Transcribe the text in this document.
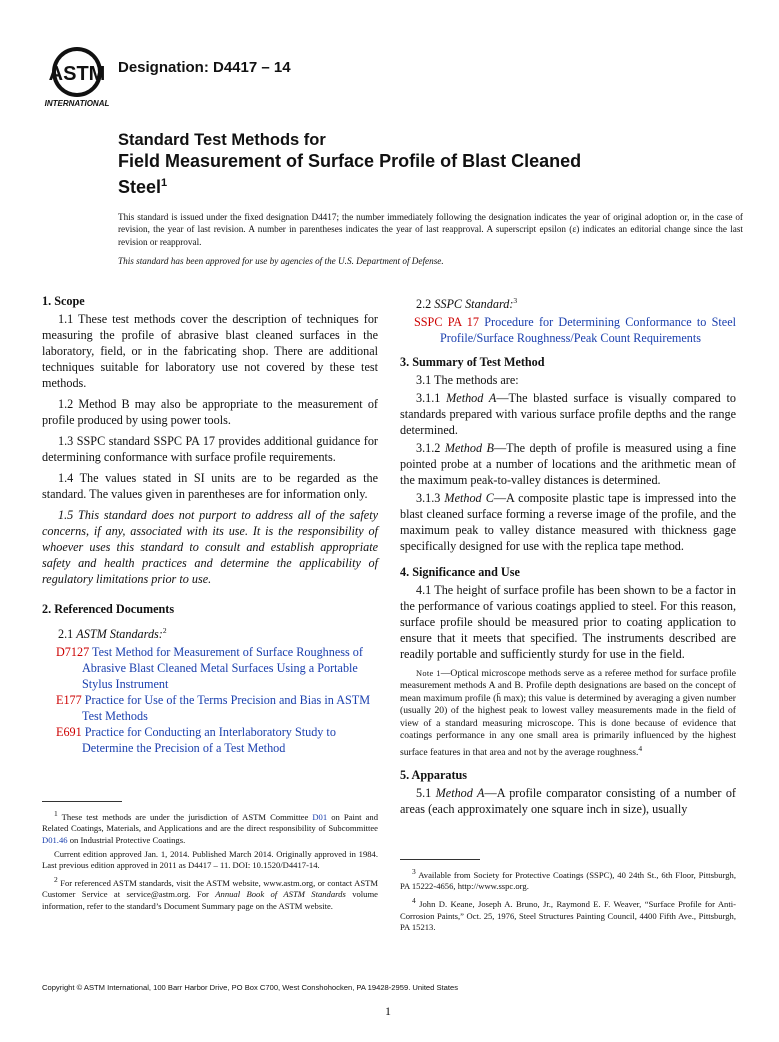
ASTM
INTERNATIONAL
Designation: D4417 – 14
Standard Test Methods for
Field Measurement of Surface Profile of Blast Cleaned
Steel$^1$

This standard is issued under the fixed designation D4417; the number immediately following the designation indicates the year of original adoption or, in the case of revision, the year of last revision. A number in parentheses indicates the year of last reapproval. A superscript epsilon (ε) indicates an editorial change since the last revision or reapproval.

This standard has been approved for use by agencies of the U.S. Department of Defense.
1. Scope

1.1 These test methods cover the description of techniques for measuring the profile of abrasive blast cleaned surfaces in the laboratory, field, or in the fabricating shop. There are additional techniques suitable for laboratory use not covered by these test methods.

1.2 Method B may also be appropriate to the measurement of profile produced by using power tools.

1.3 SSPC standard SSPC PA 17 provides additional guidance for determining conformance with surface profile requirements.

1.4 The values stated in SI units are to be regarded as the standard. The values given in parentheses are for information only.

1.5 This standard does not purport to address all of the safety concerns, if any, associated with its use. It is the responsibility of whoever uses this standard to consult and establish appropriate safety and health practices and determine the applicability of regulatory limitations prior to use.

2. Referenced Documents

2.1 ASTM Standards:$^2$

D7127 Test Method for Measurement of Surface Roughness of Abrasive Blast Cleaned Metal Surfaces Using a Portable Stylus Instrument
E177 Practice for Use of the Terms Precision and Bias in ASTM Test Methods
E691 Practice for Conducting an Interlaboratory Study to Determine the Precision of a Test Method

2.2 SSPC Standard:$^3$

SSPC PA 17 Procedure for Determining Conformance to Steel Profile/Surface Roughness/Peak Count Requirements
3. Summary of Test Method

3.1 The methods are:

3.1.1 Method A—The blasted surface is visually compared to standards prepared with various surface profile depths and the range determined.

3.1.2 Method B—The depth of profile is measured using a fine pointed probe at a number of locations and the arithmetic mean of the maximum peak-to-valley distances is determined.

3.1.3 Method C—A composite plastic tape is impressed into the blast cleaned surface forming a reverse image of the profile, and the maximum peak to valley distance measured with thickness gage specifically designed for use with the replica tape method.

4. Significance and Use

4.1 The height of surface profile has been shown to be a factor in the performance of various coatings applied to steel. For this reason, surface profile should be measured prior to coating application to ensure that it meets that specified. The instruments described are readily portable and sufficiently sturdy for use in the field.

Note 1—Optical microscope methods serve as a referee method for surface profile measurement methods A and B. Profile depth designations are based on the concept of mean maximum profile (h̄ max); this value is determined by averaging a given number (usually 20) of the highest peak to lowest valley measurements made in the field of view of a standard measuring microscope. This is done because of evidence that coatings performance in any one small area is primarily influenced by the highest surface features in that area and not by the average roughness.$^4$
5. Apparatus

5.1 Method A—A profile comparator consisting of a number of areas (each approximately one square inch in size), usually

$^1$ These test methods are under the jurisdiction of ASTM Committee D01 on Paint and Related Coatings, Materials, and Applications and are the direct responsibility of Subcommittee D01.46 on Industrial Protective Coatings.

Current edition approved Jan. 1, 2014. Published March 2014. Originally approved in 1984. Last previous edition approved in 2011 as D4417 – 11. DOI: 10.1520/D4417-14.

$^2$ For referenced ASTM standards, visit the ASTM website, www.astm.org, or contact ASTM Customer Service at service@astm.org. For Annual Book of ASTM Standards volume information, refer to the standard’s Document Summary page on the ASTM website.

$^3$ Available from Society for Protective Coatings (SSPC), 40 24th St., 6th Floor, Pittsburgh, PA 15222-4656, http://www.sspc.org.

$^4$ John D. Keane, Joseph A. Bruno, Jr., Raymond E. F. Weaver, “Surface Profile for Anti-Corrosion Paints,” Oct. 25, 1976, Steel Structures Painting Council, 4400 Fifth Ave., Pittsburgh, PA 15213.

Copyright © ASTM International, 100 Barr Harbor Drive, PO Box C700, West Conshohocken, PA 19428-2959. United States
1
